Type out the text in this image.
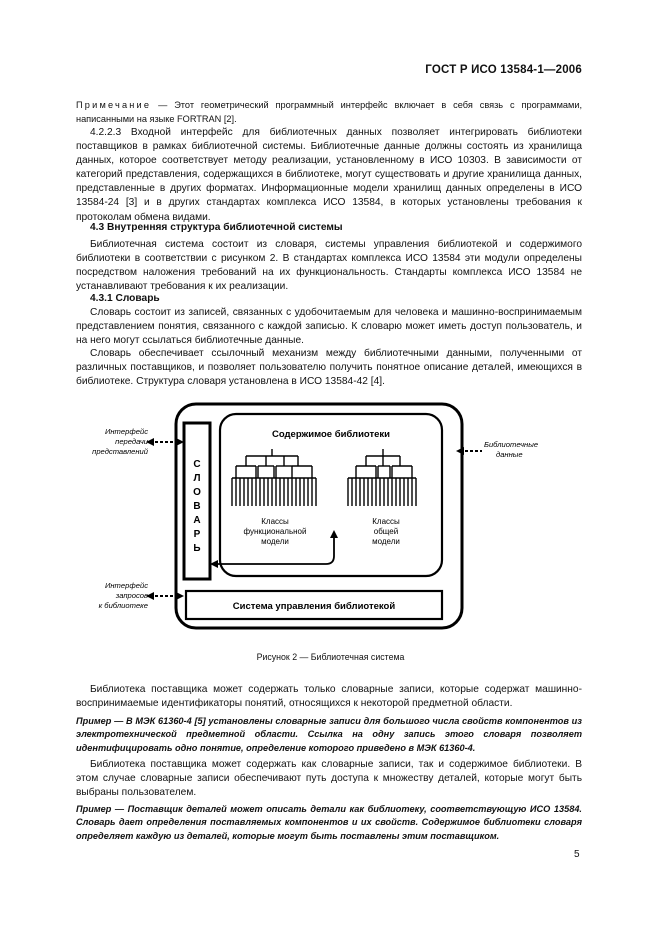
ГОСТ Р ИСО 13584-1—2006
Примечание — Этот геометрический программный интерфейс включает в себя связь с программами, написанными на языке FORTRAN [2].
4.2.2.3 Входной интерфейс для библиотечных данных позволяет интегрировать библиотеки поставщиков в рамках библиотечной системы. Библиотечные данные должны состоять из хранилища данных, которое соответствует методу реализации, установленному в ИСО 10303. В зависимости от категорий представления, содержащихся в библиотеке, могут существовать и другие хранилища данных, представленные в других форматах. Информационные модели хранилищ данных определены в ИСО 13584-24 [3] и в других стандартах комплекса ИСО 13584, в которых установлены требования к протоколам обмена видами.
4.3 Внутренняя структура библиотечной системы
Библиотечная система состоит из словаря, системы управления библиотекой и содержимого библиотеки в соответствии с рисунком 2. В стандартах комплекса ИСО 13584 эти модули определены посредством наложения требований на их функциональность. Стандарты комплекса ИСО 13584 не устанавливают требования к их реализации.
4.3.1 Словарь
Словарь состоит из записей, связанных с удобочитаемым для человека и машинно-воспринимаемым представлением понятия, связанного с каждой записью. К словарю может иметь доступ пользователь, и на него могут ссылаться библиотечные данные.
Словарь обеспечивает ссылочный механизм между библиотечными данными, полученными от различных поставщиков, и позволяет пользователю получить понятное описание деталей, имеющихся в библиотеке. Структура словаря установлена в ИСО 13584-42 [4].
С
Л
О
В
А
Р
Ь
Содержимое библиотеки
Классы
функциональной
модели
Классы
общей
модели
Система управления библиотекой
Интерфейс
передачи
представлений
Интерфейс
запросов
к библиотеке
Библиотечные
данные
Рисунок 2 — Библиотечная система
Библиотека поставщика может содержать только словарные записи, которые содержат машинно-воспринимаемые идентификаторы понятий, относящихся к некоторой предметной области.
Пример — В МЭК 61360-4 [5] установлены словарные записи для большого числа свойств компонентов из электротехнической предметной области. Ссылка на одну запись этого словаря позволяет идентифицировать одно понятие, определение которого приведено в МЭК 61360-4.
Библиотека поставщика может содержать как словарные записи, так и содержимое библиотеки. В этом случае словарные записи обеспечивают путь доступа к множеству деталей, которые могут быть выбраны пользователем.
Пример — Поставщик деталей может описать детали как библиотеку, соответствующую ИСО 13584. Словарь дает определения поставляемых компонентов и их свойств. Содержимое библиотеки словаря определяет каждую из деталей, которые могут быть поставлены этим поставщиком.
5
